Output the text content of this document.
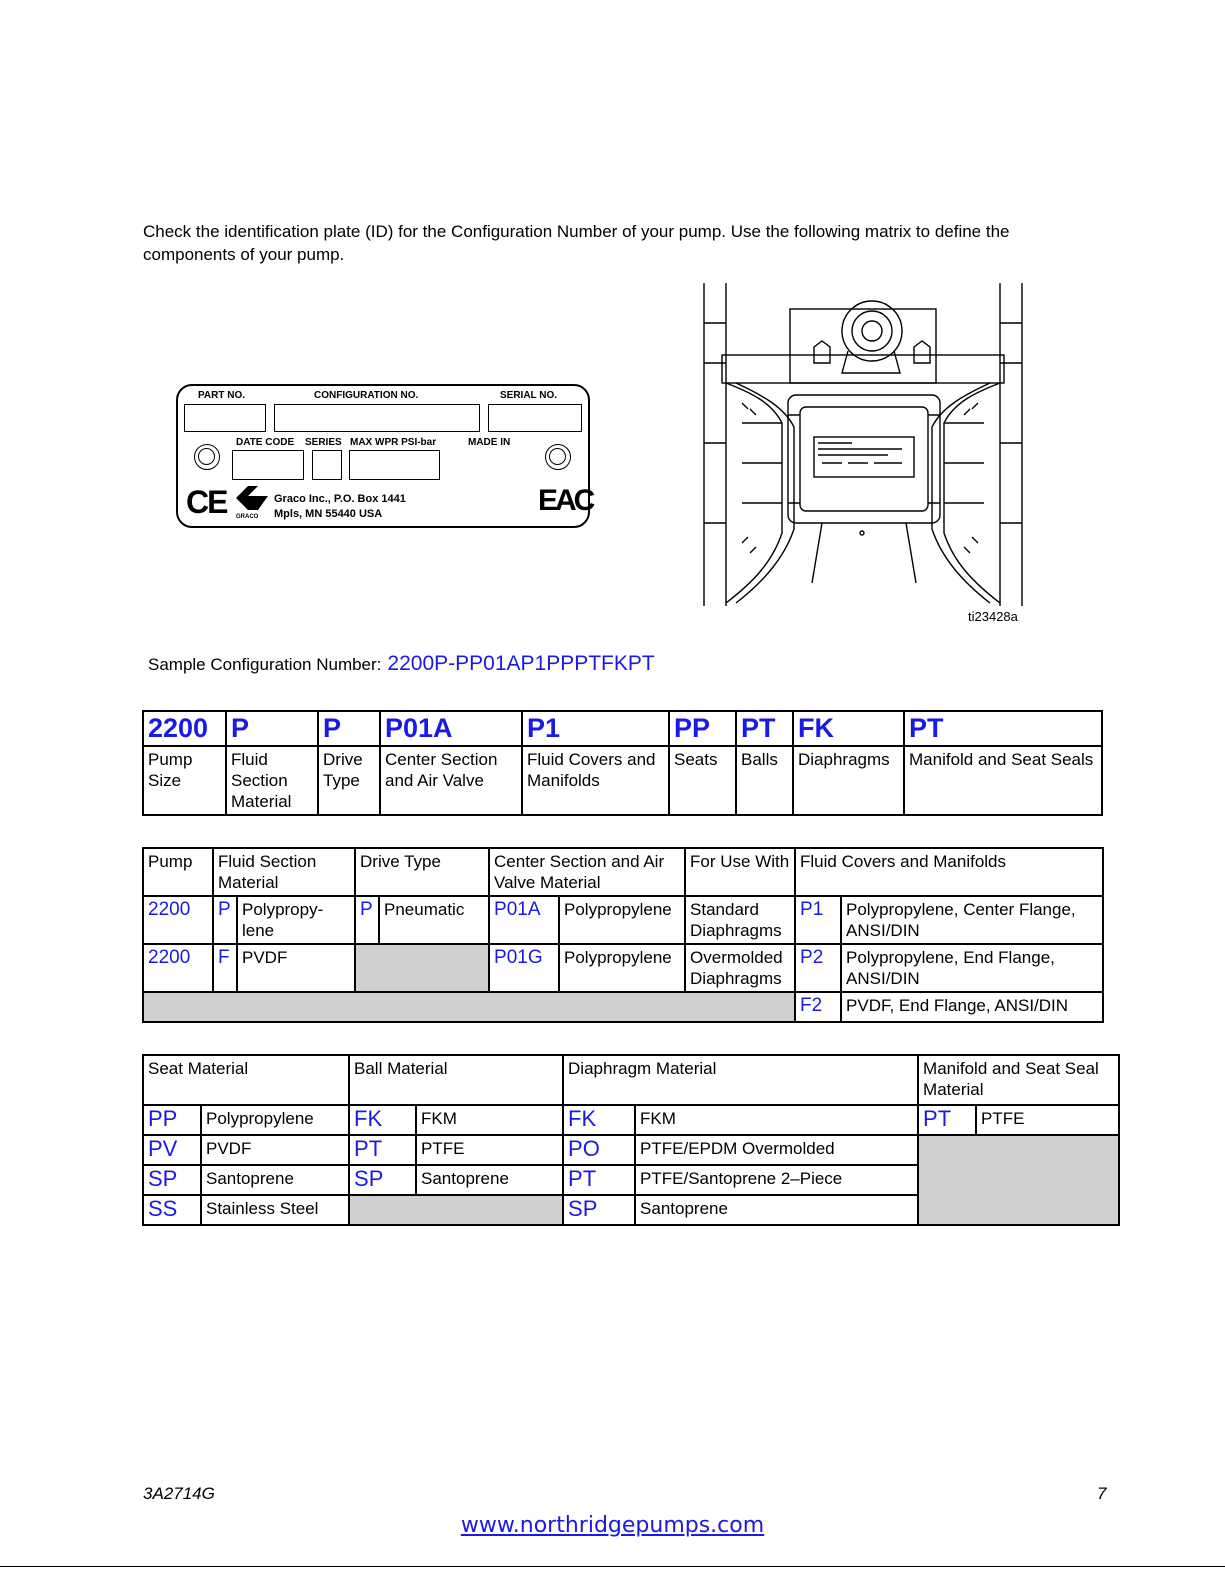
Check the identification plate (ID) for the Configuration Number of your pump. Use the following matrix to define the components of your pump.
PART NO.	CONFIGURATION NO.	SERIAL NO.
DATE CODE SERIES MAX WPR PSI-bar	MADE IN
CE GRACO
Graco Inc., P.O. Box 1441
Mpls, MN 55440 USA	EAC
ti23428a
Sample Configuration Number: 2200P-PP01AP1PPPTFKPT
2200	P	P	P01A	P1	PP	PT	FK	PT
Pump Size	Fluid Section Material	Drive Type	Center Section and Air Valve	Fluid Covers and Manifolds	Seats	Balls	Diaphragms	Manifold and Seat Seals
Pump	Fluid Section Material		Drive Type		Center Section and Air Valve Material		For Use With	Fluid Covers and Manifolds	
2200	P	Polypropy-lene	P	Pneumatic	P01A	Polypropylene	Standard Diaphragms	P1	Polypropylene, Center Flange, ANSI/DIN
2200	F	PVDF			P01G	Polypropylene	Overmolded Diaphragms	P2	Polypropylene, End Flange, ANSI/DIN
								F2	PVDF, End Flange, ANSI/DIN
Seat Material		Ball Material		Diaphragm Material		Manifold and Seat Seal Material	
PP	Polypropylene	FK	FKM	FK	FKM	PT	PTFE
PV	PVDF	PT	PTFE	PO	PTFE/EPDM Overmolded		
SP	Santoprene	SP	Santoprene	PT	PTFE/Santoprene 2–Piece		
SS	Stainless Steel			SP	Santoprene		
3A2714G	7
www.northridgepumps.com
